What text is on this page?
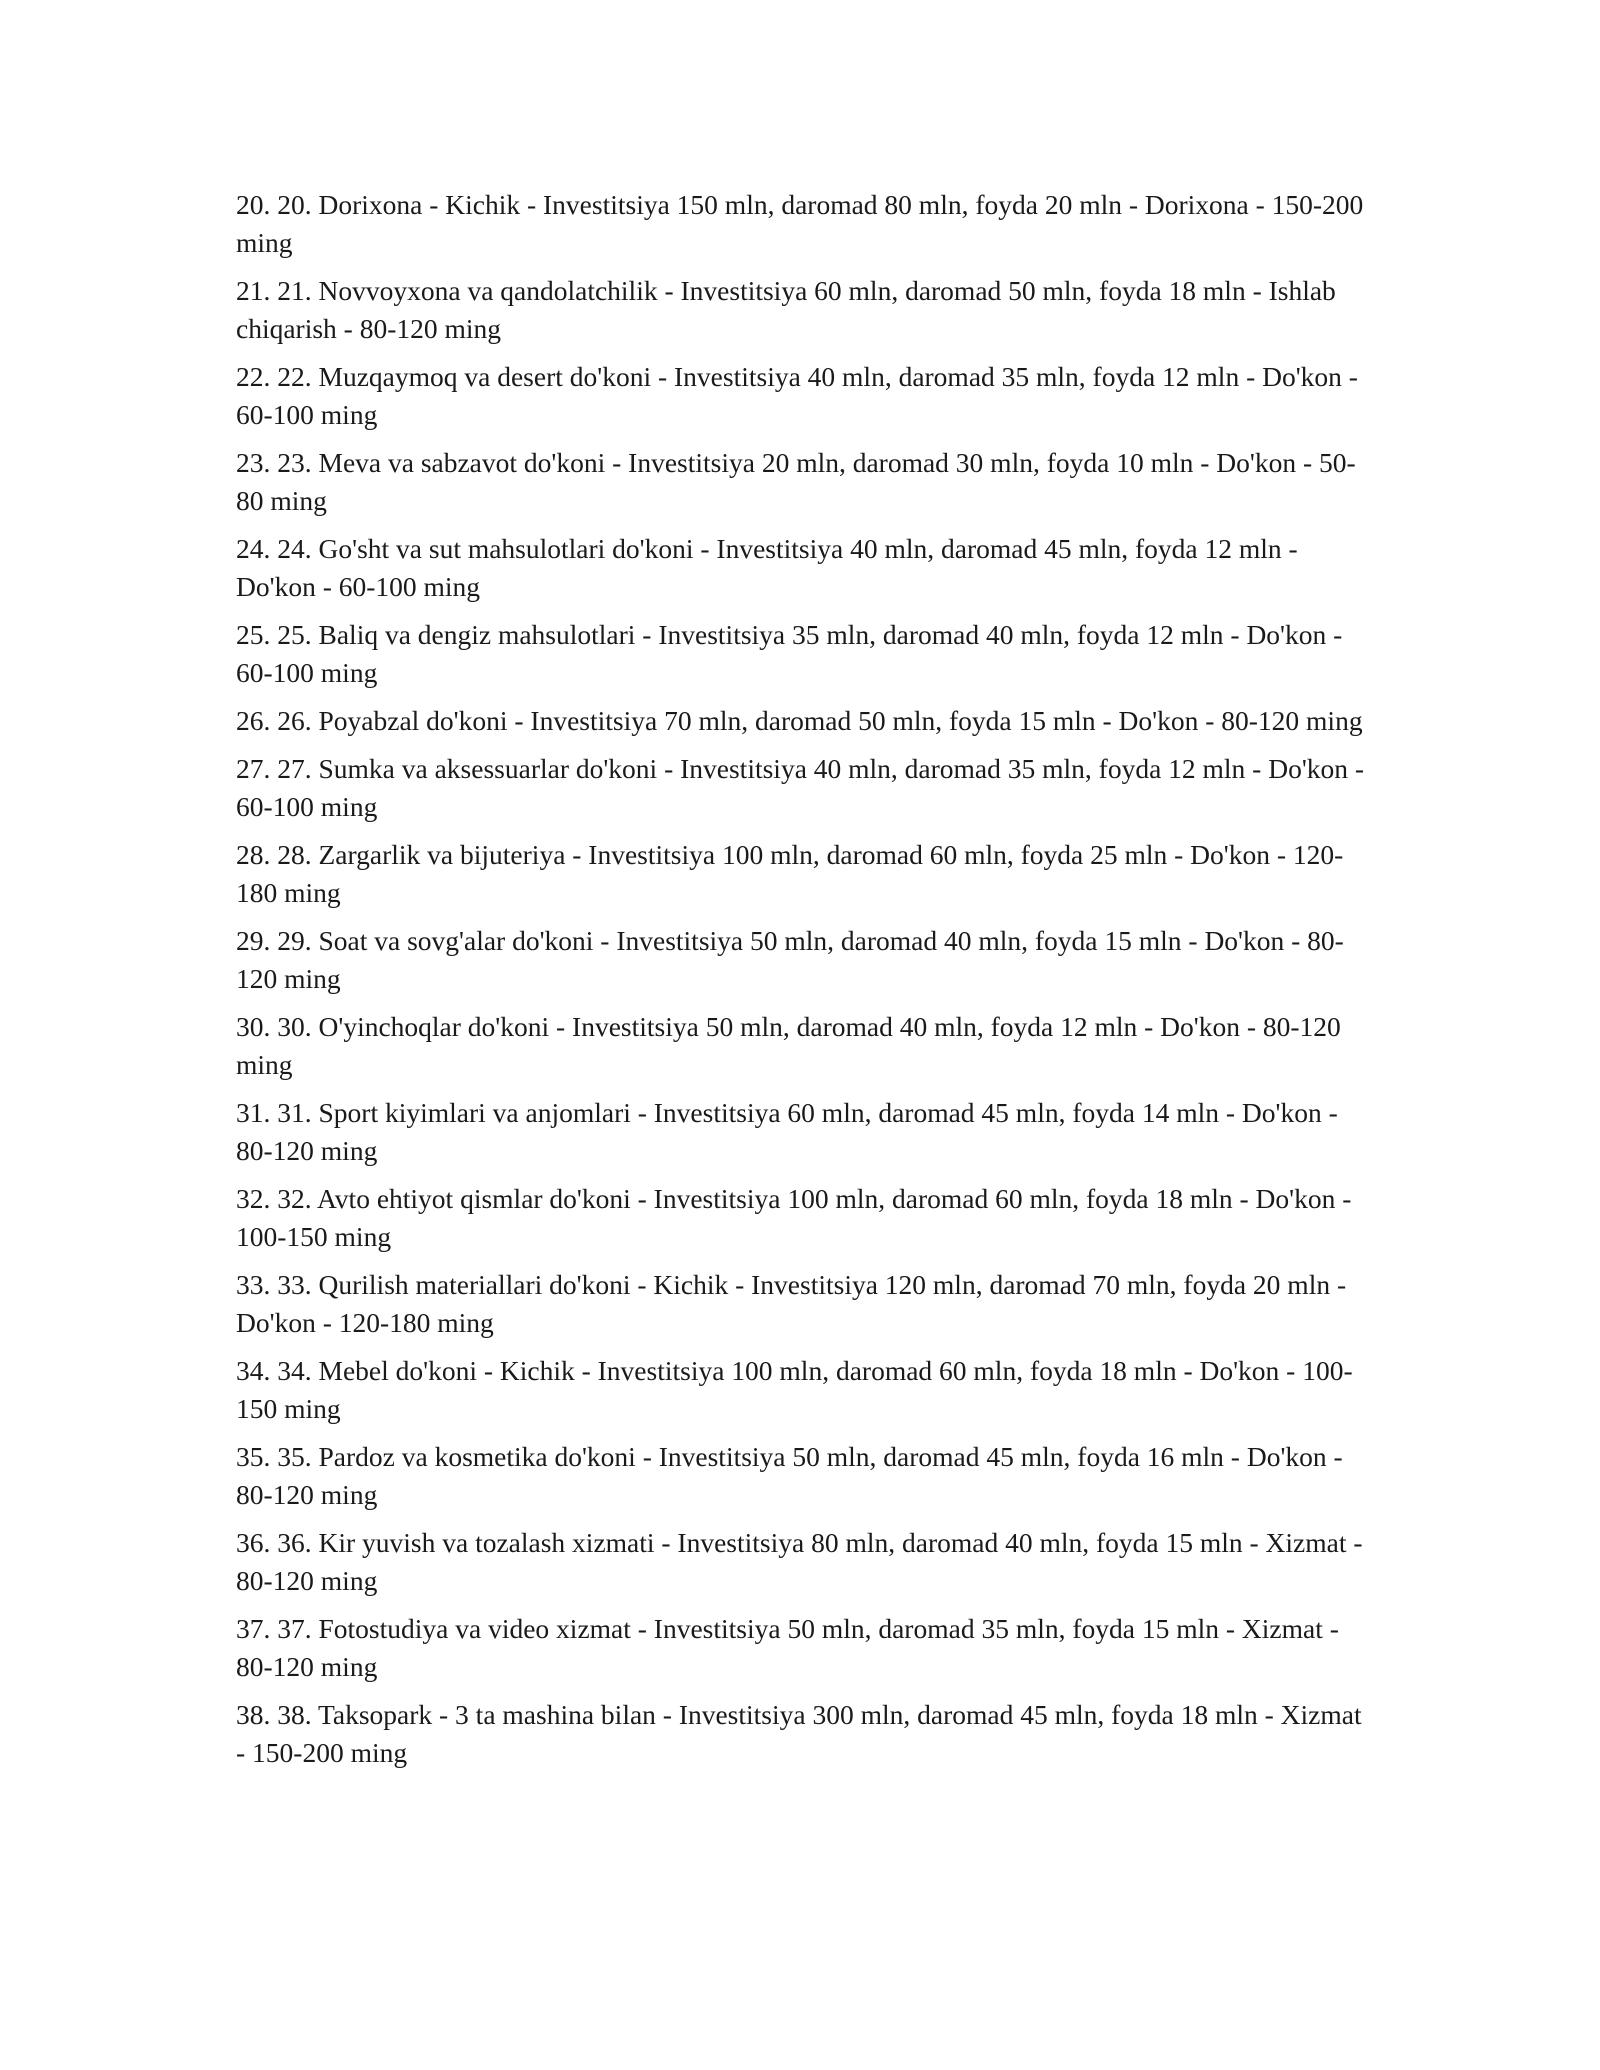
20. 20. Dorixona - Kichik - Investitsiya 150 mln, daromad 80 mln, foyda 20 mln - Dorixona - 150-200 ming
21. 21. Novvoyxona va qandolatchilik - Investitsiya 60 mln, daromad 50 mln, foyda 18 mln - Ishlab chiqarish - 80-120 ming
22. 22. Muzqaymoq va desert do'koni - Investitsiya 40 mln, daromad 35 mln, foyda 12 mln - Do'kon - 60-100 ming
23. 23. Meva va sabzavot do'koni - Investitsiya 20 mln, daromad 30 mln, foyda 10 mln - Do'kon - 50-80 ming
24. 24. Go'sht va sut mahsulotlari do'koni - Investitsiya 40 mln, daromad 45 mln, foyda 12 mln - Do'kon - 60-100 ming
25. 25. Baliq va dengiz mahsulotlari - Investitsiya 35 mln, daromad 40 mln, foyda 12 mln - Do'kon - 60-100 ming
26. 26. Poyabzal do'koni - Investitsiya 70 mln, daromad 50 mln, foyda 15 mln - Do'kon - 80-120 ming
27. 27. Sumka va aksessuarlar do'koni - Investitsiya 40 mln, daromad 35 mln, foyda 12 mln - Do'kon - 60-100 ming
28. 28. Zargarlik va bijuteriya - Investitsiya 100 mln, daromad 60 mln, foyda 25 mln - Do'kon - 120-180 ming
29. 29. Soat va sovg'alar do'koni - Investitsiya 50 mln, daromad 40 mln, foyda 15 mln - Do'kon - 80-120 ming
30. 30. O'yinchoqlar do'koni - Investitsiya 50 mln, daromad 40 mln, foyda 12 mln - Do'kon - 80-120 ming
31. 31. Sport kiyimlari va anjomlari - Investitsiya 60 mln, daromad 45 mln, foyda 14 mln - Do'kon - 80-120 ming
32. 32. Avto ehtiyot qismlar do'koni - Investitsiya 100 mln, daromad 60 mln, foyda 18 mln - Do'kon - 100-150 ming
33. 33. Qurilish materiallari do'koni - Kichik - Investitsiya 120 mln, daromad 70 mln, foyda 20 mln - Do'kon - 120-180 ming
34. 34. Mebel do'koni - Kichik - Investitsiya 100 mln, daromad 60 mln, foyda 18 mln - Do'kon - 100-150 ming
35. 35. Pardoz va kosmetika do'koni - Investitsiya 50 mln, daromad 45 mln, foyda 16 mln - Do'kon - 80-120 ming
36. 36. Kir yuvish va tozalash xizmati - Investitsiya 80 mln, daromad 40 mln, foyda 15 mln - Xizmat - 80-120 ming
37. 37. Fotostudiya va video xizmat - Investitsiya 50 mln, daromad 35 mln, foyda 15 mln - Xizmat - 80-120 ming
38. 38. Taksopark - 3 ta mashina bilan - Investitsiya 300 mln, daromad 45 mln, foyda 18 mln - Xizmat - 150-200 ming
